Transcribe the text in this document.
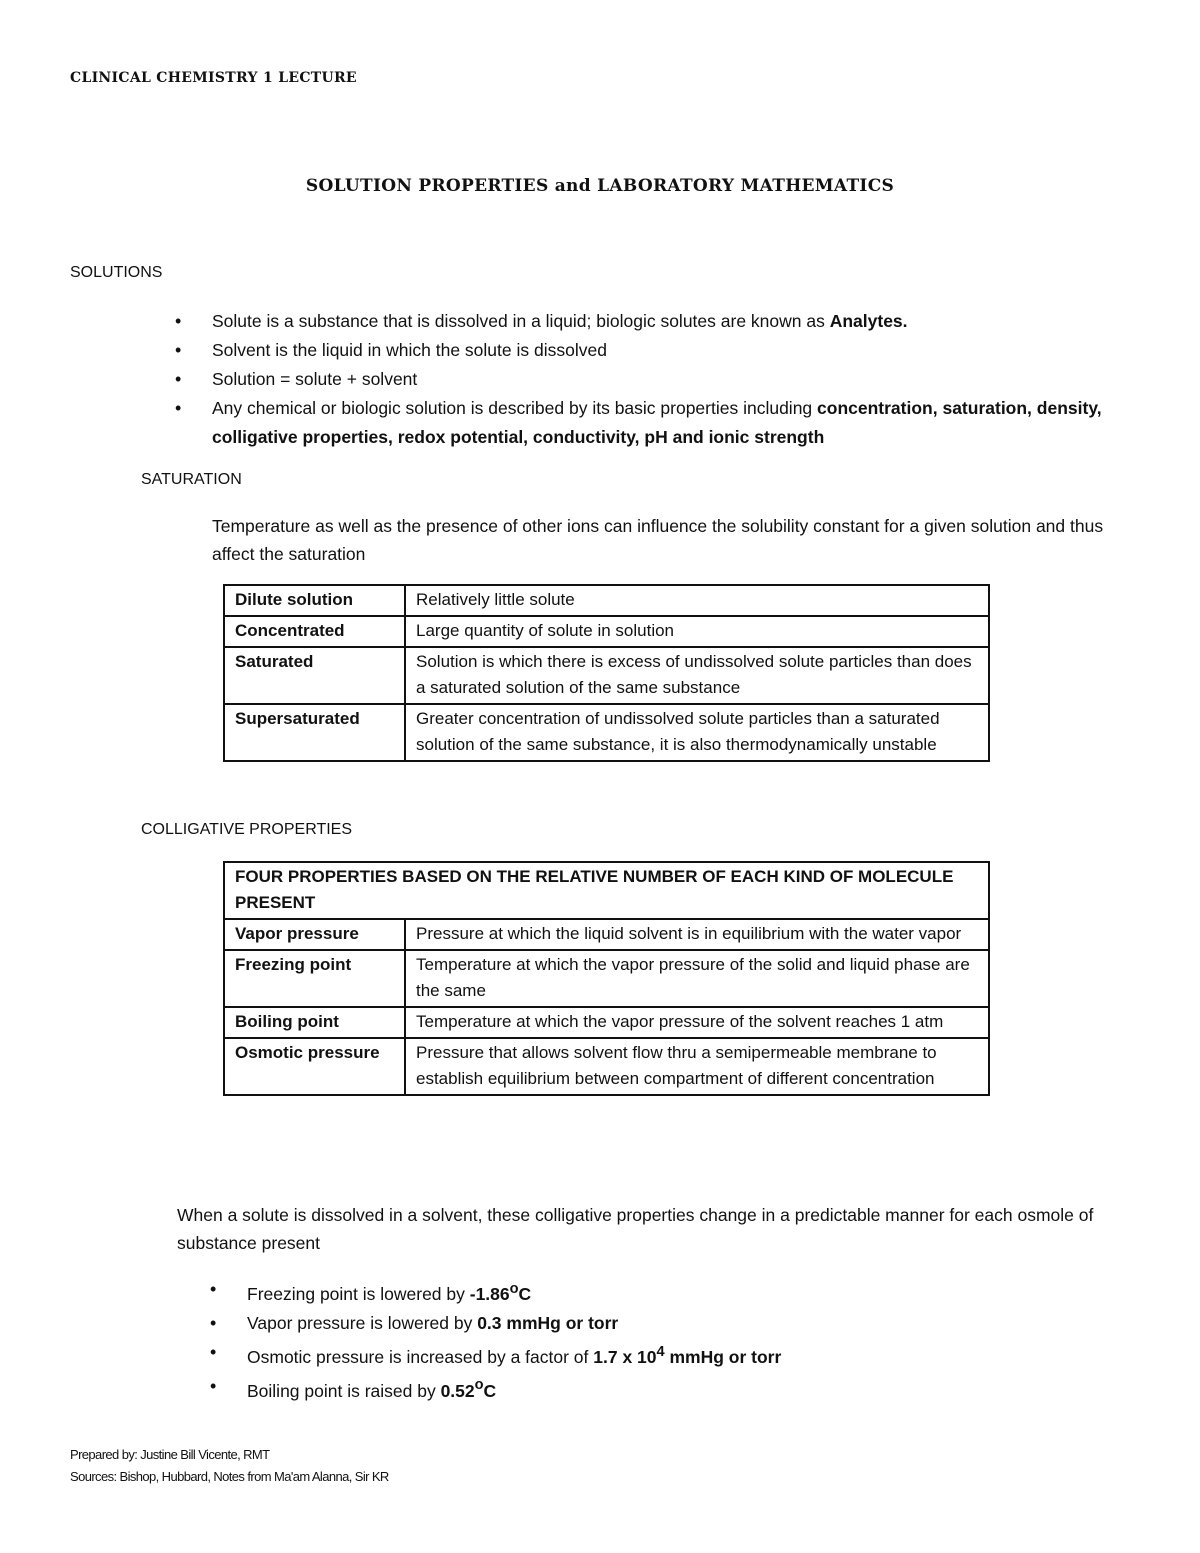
CLINICAL CHEMISTRY 1 LECTURE
SOLUTION PROPERTIES and LABORATORY MATHEMATICS
SOLUTIONS
• Solute is a substance that is dissolved in a liquid; biologic solutes are known as Analytes.
• Solvent is the liquid in which the solute is dissolved
• Solution = solute + solvent
• Any chemical or biologic solution is described by its basic properties including concentration, saturation, density, colligative properties, redox potential, conductivity, pH and ionic strength
SATURATION
Temperature as well as the presence of other ions can influence the solubility constant for a given solution and thus affect the saturation
Dilute solution	Relatively little solute
Concentrated	Large quantity of solute in solution
Saturated	Solution is which there is excess of undissolved solute particles than does a saturated solution of the same substance
Supersaturated	Greater concentration of undissolved solute particles than a saturated solution of the same substance, it is also thermodynamically unstable
COLLIGATIVE PROPERTIES
FOUR PROPERTIES BASED ON THE RELATIVE NUMBER OF EACH KIND OF MOLECULE PRESENT	
Vapor pressure	Pressure at which the liquid solvent is in equilibrium with the water vapor
Freezing point	Temperature at which the vapor pressure of the solid and liquid phase are the same
Boiling point	Temperature at which the vapor pressure of the solvent reaches 1 atm
Osmotic pressure	Pressure that allows solvent flow thru a semipermeable membrane to establish equilibrium between compartment of different concentration
When a solute is dissolved in a solvent, these colligative properties change in a predictable manner for each osmole of substance present
• Freezing point is lowered by -1.86$^o$C
• Vapor pressure is lowered by 0.3 mmHg or torr
• Osmotic pressure is increased by a factor of 1.7 x $10^4$ mmHg or torr
• Boiling point is raised by 0.52$^o$C
Prepared by: Justine Bill Vicente, RMT
Sources: Bishop, Hubbard, Notes from Ma'am Alanna, Sir KR
